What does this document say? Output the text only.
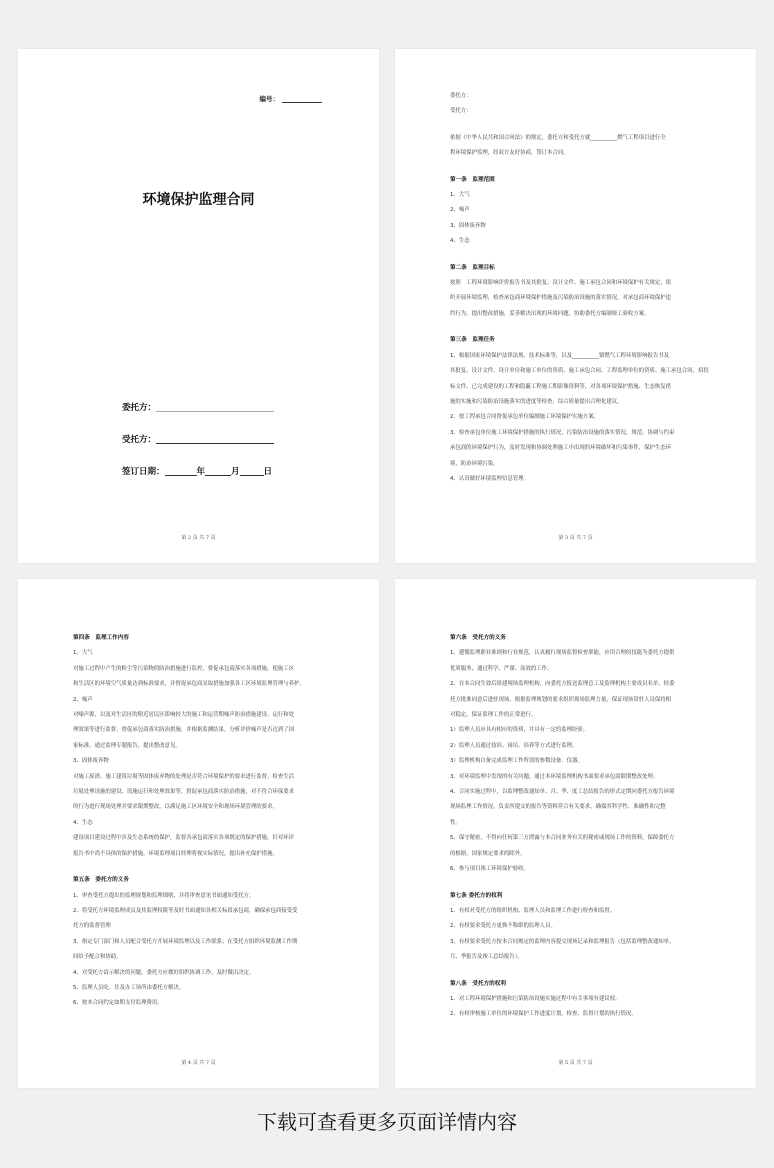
编号：
环境保护监理合同
委托方：
受托方：
签订日期：	年	月	日
第 2 页 共 7 页
委托方：
受托方：
依据《中华人民共和国合同法》的规定，委托方和受托方就__________燃气工程项目进行全
程环境保护监理，经双方友好协商，签订本合同。
第一条　监理范围
1、大气
2、噪声
3、固体废弃物
4、生态
第二条　监理目标
按照　工程环境影响评价报告书及其批复、设计文件、施工承包合同和环境保护有关规定，组
织开展环境监理，检查承包商环境保护措施及污染防治设施的落实情况，对承包商环境保护违
约行为，提出整改措施，妥善解决出现的环境问题，协助委托方编制竣工验收方案。
第三条　监理任务
1、根据国家环境保护法律法规、技术标准等，以及__________镇燃气工程环境影响报告书及
其批复、设计文件、设计单位和施工单位的资质、施工承包合同、工程监理单位的资质、施工承包合同、招投
标文件、已完成建设的工程和隐蔽工程施工期影像资料等，对各项环境保护措施、生态恢复措
施的实施和污染防治设施落实的进度等检查，综合质量提出合理化建议。
2、按工程承包合同督促承包单位编制施工环境保护实施方案。
3、检查承包单位施工环境保护措施的执行情况，污染防治设施的落实情况，规范、协调与约束
承包商的环境保护行为，及时发现和协调处理施工中出现的环境破坏和污染事件，保护生态环
境，防治环境污染。
4、认真做好环境监理信息管理。
第 3 页 共 7 页
第四条　监理工作内容
1、大气
对施工过程中产生的粉尘等污染物的防治措施进行监控，督促承包商落实各项措施，使施工区
和生活区的环境空气质量达到标准要求，并督促承包商采取措施加强各工区环境监理管理与养护。
2、噪声
对噪声源，以及对生活区的附近居民区影响较大的施工和运营期噪声防治措施建设、运行和处
理效果等进行监督，督促承包商落实防治措施，并根据监测结果，分析评价噪声是否达到了国
家标准，通过监理专题报告，提出整改意见。
3、固体废弃物
对施工废渣、施工建筑垃圾等固体废弃物的处理是否符合环境保护的要求进行监督，检查生活
垃圾处理设施的建设、设施运行和处理效果等，督促承包商落实防治措施，对不符合环保要求
的行为进行现场处理并要求限期整改，以满足施工区环境安全和现场环境管理的要求。
4、生态
建设项目建设过程中涉及生态系统的保护，监督各承包商落实各项既定的保护措施，针对环评
报告书中尚不具体的保护措施，环境监理项目经理将视实际情况，提出补充保护措施。
第五条　委托方的义务
1、审查受托方提出的监理规划和监理细则，并将审查意见书面通知受托方。
2、将受托方环境监理成员及其监理权限等及时书面通知各相关标段承包商，确保承包商接受受
托方的监督管理
3、指定专门部门和人员配合受托方开展环境监理以及工作联系；在受托方组织环境监测工作期
间给予配合和协助。
4、对受托方请示解决的问题，委托方应做好组织协调工作，及时做出决定。
5、监理人员吃、住及办工场所由委托方解决。
6、按本合同约定如期支付监理费用。
第 4 页 共 7 页
第六条　受托方的义务
1、遵循监理职业准则和行业规范，认真履行现场监督检查职能，应用合理的技能为委托方提供
优质服务，通过科学、严谨、高效的工作。
2、在本合同生效后组建现场监理机构，向委托方报送监理总工及监理机构主要成员名单，经委
托方批准同意后进驻现场。根据监理规划的要求组织现场监理力量，保证现场常驻人员保持相
对稳定，保证监理工作的正常进行。
1）监理人员应具有相应的资质，并具有一定的监理经验。
2）监理人员通过技培、岗培、培养等方式进行监理。
3）监理机构自备完成监理工作所需的参数设备、仪器。
3、对环境监理中发现的有关问题，通过本环境监理机构书面要求承包商限期整改处理。
4、合同实施过程中，以监理整改通知单、月、季、度工总结报告的形式定期向委托方报告环境
现场监理工作情况，负责所提交的报告等资料符合有关要求，确保其科学性、准确性和完整
性。
5、保守秘密，不得向任何第三方泄露与本合同业务有关的秘密或现场工作的资料，保障委托方
的根据，国家规定要求的除外。
6、参与项目竣工环境保护验收。
第七条 委托方的权利
1、有权对受托方的组织机构、监理人员和监理工作进行检查和监督。
2、有权要求受托方更换不称职的监理人员。
3、有权要求受托方按本合同规定的监理内容提交现场记录和监理报告（包括监理整改通知单、
月、季报告及竣工总结报告）。
第八条　受托方的权利
1、对工程环境保护措施和污染防治设施实施过程中有关事项有建议权。
2、有权审核施工单位的环境保护工作进度计划，检查、监督计划的执行情况。
第 5 页 共 7 页
下载可查看更多页面详情内容
